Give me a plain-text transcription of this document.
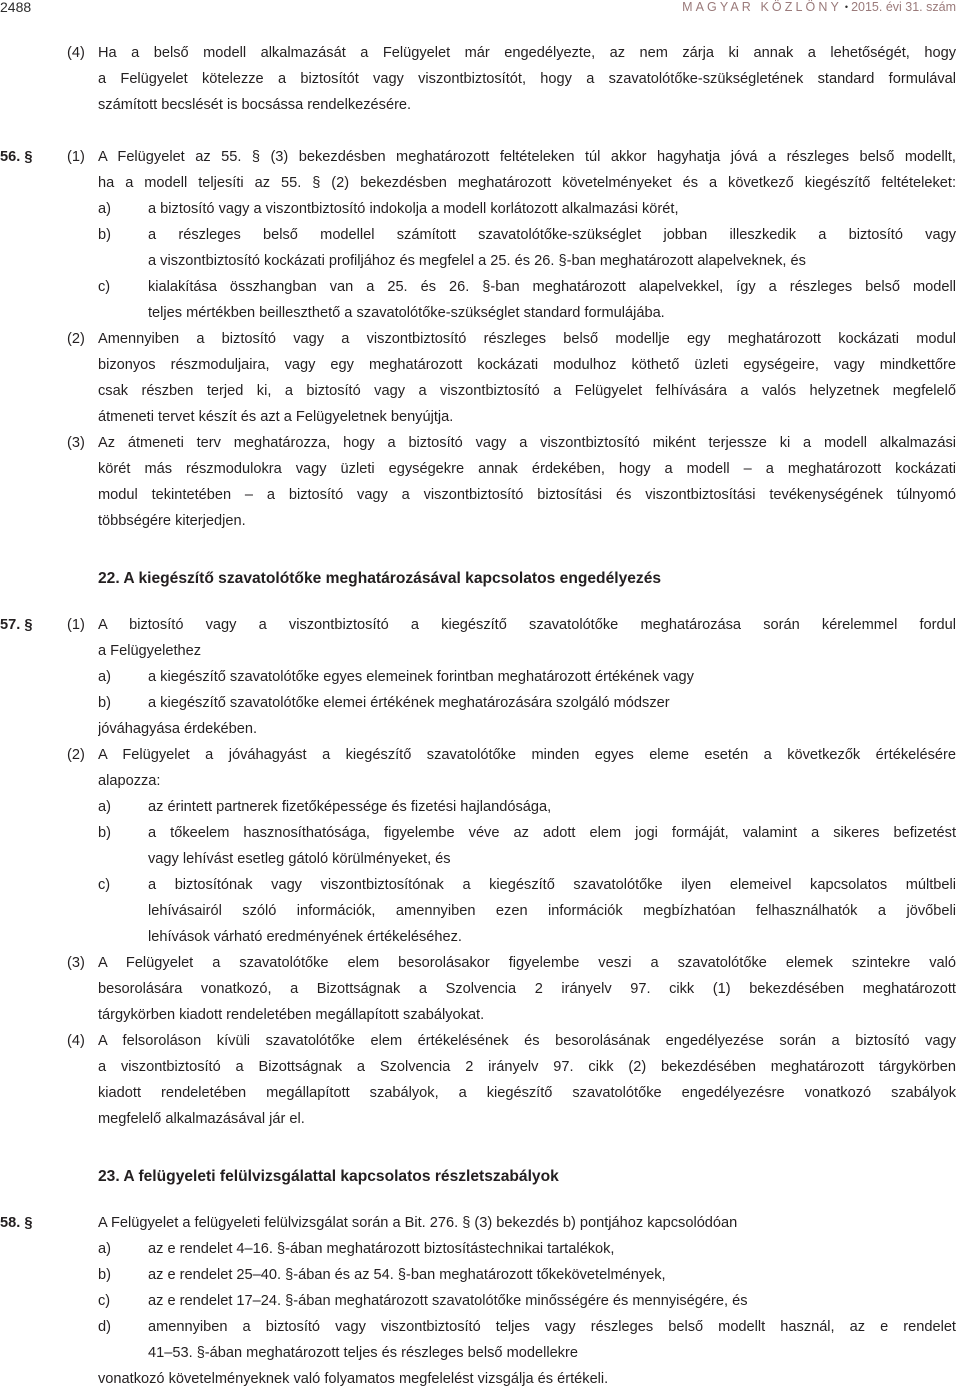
2488	MAGYAR KÖZLÖNY • 2015. évi 31. szám
(4) Ha a belső modell alkalmazását a Felügyelet már engedélyezte, az nem zárja ki annak a lehetőségét, hogy
a Felügyelet kötelezze a biztosítót vagy viszontbiztosítót, hogy a szavatolótőke-szükségletének standard formulával
számított becslését is bocsássa rendelkezésére.
56. § (1) A Felügyelet az 55. § (3) bekezdésben meghatározott feltételeken túl akkor hagyhatja jóvá a részleges belső modellt,
ha a modell teljesíti az 55. § (2) bekezdésben meghatározott követelményeket és a következő kiegészítő feltételeket:
a)	a biztosító vagy a viszontbiztosító indokolja a modell korlátozott alkalmazási körét,
b)	a részleges belső modellel számított szavatolótőke-szükséglet jobban illeszkedik a biztosító vagy
a viszontbiztosító kockázati profiljához és megfelel a 25. és 26. §-ban meghatározott alapelveknek, és
c)	kialakítása összhangban van a 25. és 26. §-ban meghatározott alapelvekkel, így a részleges belső modell
teljes mértékben beilleszthető a szavatolótőke-szükséglet standard formulájába.
(2) Amennyiben a biztosító vagy a viszontbiztosító részleges belső modellje egy meghatározott kockázati modul
bizonyos részmoduljaira, vagy egy meghatározott kockázati modulhoz köthető üzleti egységeire, vagy mindkettőre
csak részben terjed ki, a biztosító vagy a viszontbiztosító a Felügyelet felhívására a valós helyzetnek megfelelő
átmeneti tervet készít és azt a Felügyeletnek benyújtja.
(3) Az átmeneti terv meghatározza, hogy a biztosító vagy a viszontbiztosító miként terjessze ki a modell alkalmazási
körét más részmodulokra vagy üzleti egységekre annak érdekében, hogy a modell – a meghatározott kockázati
modul tekintetében – a biztosító vagy a viszontbiztosító biztosítási és viszontbiztosítási tevékenységének túlnyomó
többségére kiterjedjen.
22. A kiegészítő szavatolótőke meghatározásával kapcsolatos engedélyezés
57. § (1) A biztosító vagy a viszontbiztosító a kiegészítő szavatolótőke meghatározása során kérelemmel fordul
a Felügyelethez
a)	a kiegészítő szavatolótőke egyes elemeinek forintban meghatározott értékének vagy
b)	a kiegészítő szavatolótőke elemei értékének meghatározására szolgáló módszer
jóváhagyása érdekében.
(2) A Felügyelet a jóváhagyást a kiegészítő szavatolótőke minden egyes eleme esetén a következők értékelésére
alapozza:
a)	az érintett partnerek fizetőképessége és fizetési hajlandósága,
b)	a tőkeelem hasznosíthatósága, figyelembe véve az adott elem jogi formáját, valamint a sikeres befizetést
vagy lehívást esetleg gátoló körülményeket, és
c)	a biztosítónak vagy viszontbiztosítónak a kiegészítő szavatolótőke ilyen elemeivel kapcsolatos múltbeli
lehívásairól szóló információk, amennyiben ezen információk megbízhatóan felhasználhatók a jövőbeli
lehívások várható eredményének értékeléséhez.
(3) A Felügyelet a szavatolótőke elem besorolásakor figyelembe veszi a szavatolótőke elemek szintekre való
besorolására vonatkozó, a Bizottságnak a Szolvencia 2 irányelv 97. cikk (1) bekezdésében meghatározott
tárgykörben kiadott rendeletében megállapított szabályokat.
(4) A felsoroláson kívüli szavatolótőke elem értékelésének és besorolásának engedélyezése során a biztosító vagy
a viszontbiztosító a Bizottságnak a Szolvencia 2 irányelv 97. cikk (2) bekezdésében meghatározott tárgykörben
kiadott rendeletében megállapított szabályok, a kiegészítő szavatolótőke engedélyezésre vonatkozó szabályok
megfelelő alkalmazásával jár el.
23. A felügyeleti felülvizsgálattal kapcsolatos részletszabályok
58. §	A Felügyelet a felügyeleti felülvizsgálat során a Bit. 276. § (3) bekezdés b) pontjához kapcsolódóan
a)	az e rendelet 4–16. §-ában meghatározott biztosítástechnikai tartalékok,
b)	az e rendelet 25–40. §-ában és az 54. §-ban meghatározott tőkekövetelmények,
c)	az e rendelet 17–24. §-ában meghatározott szavatolótőke minősségére és mennyiségére, és
d)	amennyiben a biztosító vagy viszontbiztosító teljes vagy részleges belső modellt használ, az e rendelet
41–53. §-ában meghatározott teljes és részleges belső modellekre
vonatkozó követelményeknek való folyamatos megfelelést vizsgálja és értékeli.
